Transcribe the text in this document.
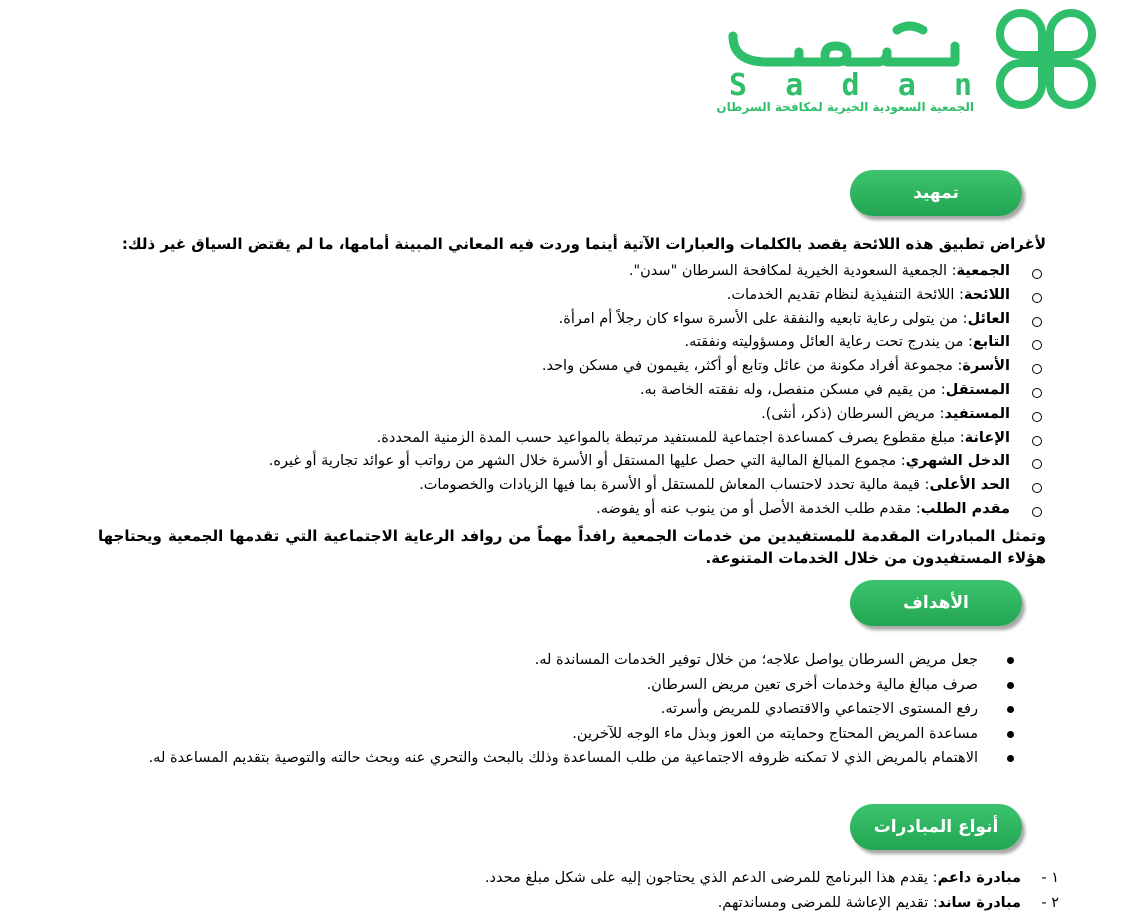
S a d a n
الجمعية السعودية الخيرية لمكافحة السرطان
تمهيد
لأغراض تطبيق هذه اللائحة يقصد بالكلمات والعبارات الآتية أينما وردت فيه المعاني المبينة أمامها، ما لم يقتض السياق غير ذلك:
الجمعية: الجمعية السعودية الخيرية لمكافحة السرطان "سدن".
اللائحة: اللائحة التنفيذية لنظام تقديم الخدمات.
العائل: من يتولى رعاية تابعيه والنفقة على الأسرة سواء كان رجلاً أم امرأة.
التابع: من يندرج تحت رعاية العائل ومسؤوليته ونفقته.
الأسرة: مجموعة أفراد مكونة من عائل وتابع أو أكثر، يقيمون في مسكن واحد.
المستقل: من يقيم في مسكن منفصل، وله نفقته الخاصة به.
المستفيد: مريض السرطان (ذكر، أنثى).
الإعانة: مبلغ مقطوع يصرف كمساعدة اجتماعية للمستفيد مرتبطة بالمواعيد حسب المدة الزمنية المحددة.
الدخل الشهري: مجموع المبالغ المالية التي حصل عليها المستقل أو الأسرة خلال الشهر من رواتب أو عوائد تجارية أو غيره.
الحد الأعلى: قيمة مالية تحدد لاحتساب المعاش للمستقل أو الأسرة بما فيها الزيادات والخصومات.
مقدم الطلب: مقدم طلب الخدمة الأصل أو من ينوب عنه أو يفوضه.
وتمثل المبادرات المقدمة للمستفيدين من خدمات الجمعية رافداً مهماً من روافد الرعاية الاجتماعية التي تقدمها الجمعية ويحتاجها هؤلاء المستفيدون من خلال الخدمات المتنوعة.
الأهداف
جعل مريض السرطان يواصل علاجه؛ من خلال توفير الخدمات المساندة له.
صرف مبالغ مالية وخدمات أخرى تعين مريض السرطان.
رفع المستوى الاجتماعي والاقتصادي للمريض وأسرته.
مساعدة المريض المحتاج وحمايته من العوز وبذل ماء الوجه للآخرين.
الاهتمام بالمريض الذي لا تمكنه ظروفه الاجتماعية من طلب المساعدة وذلك بالبحث والتحري عنه وبحث حالته والتوصية بتقديم المساعدة له.
أنواع المبادرات
١ -مبادرة داعم: يقدم هذا البرنامج للمرضى الدعم الذي يحتاجون إليه على شكل مبلغ محدد.
٢ -مبادرة ساند: تقديم الإعاشة للمرضى ومساندتهم.
